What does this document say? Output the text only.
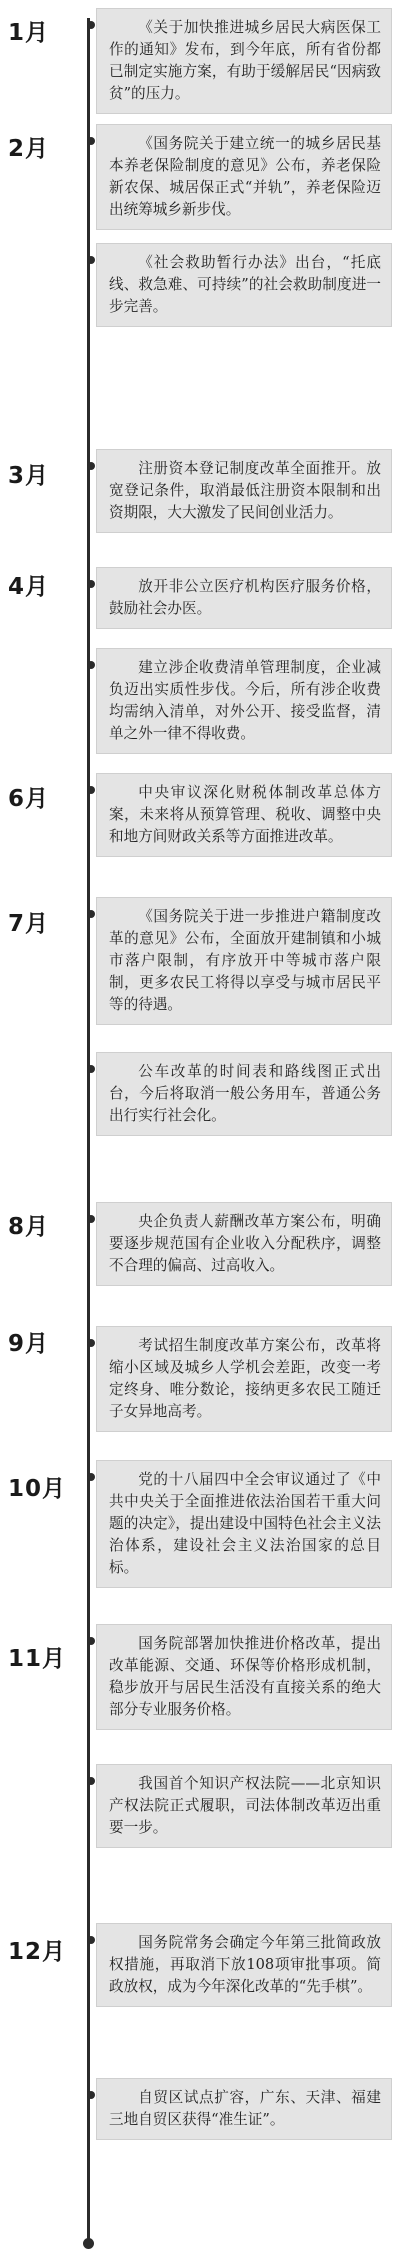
1月
2月
3月
4月
6月
7月
8月
9月
10月
11月
12月

《关于加快推进城乡居民大病医保工作的通知》发布，到今年底，所有省份都已制定实施方案，有助于缓解居民“因病致贫”的压力。

《国务院关于建立统一的城乡居民基本养老保险制度的意见》公布，养老保险新农保、城居保正式“并轨”，养老保险迈出统筹城乡新步伐。

《社会救助暂行办法》出台，“托底线、救急难、可持续”的社会救助制度进一步完善。

注册资本登记制度改革全面推开。放宽登记条件，取消最低注册资本限制和出资期限，大大激发了民间创业活力。

放开非公立医疗机构医疗服务价格，鼓励社会办医。

建立涉企收费清单管理制度，企业减负迈出实质性步伐。今后，所有涉企收费均需纳入清单，对外公开、接受监督，清单之外一律不得收费。

中央审议深化财税体制改革总体方案，未来将从预算管理、税收、调整中央和地方间财政关系等方面推进改革。

《国务院关于进一步推进户籍制度改革的意见》公布，全面放开建制镇和小城市落户限制，有序放开中等城市落户限制，更多农民工将得以享受与城市居民平等的待遇。

公车改革的时间表和路线图正式出台，今后将取消一般公务用车，普通公务出行实行社会化。

央企负责人薪酬改革方案公布，明确要逐步规范国有企业收入分配秩序，调整不合理的偏高、过高收入。

考试招生制度改革方案公布，改革将缩小区域及城乡人学机会差距，改变一考定终身、唯分数论，接纳更多农民工随迁子女异地高考。

党的十八届四中全会审议通过了《中共中央关于全面推进依法治国若干重大问题的决定》，提出建设中国特色社会主义法治体系，建设社会主义法治国家的总目标。

国务院部署加快推进价格改革，提出改革能源、交通、环保等价格形成机制，稳步放开与居民生活没有直接关系的绝大部分专业服务价格。

我国首个知识产权法院——北京知识产权法院正式履职，司法体制改革迈出重要一步。

国务院常务会确定今年第三批简政放权措施，再取消下放108项审批事项。简政放权，成为今年深化改革的“先手棋”。

自贸区试点扩容，广东、天津、福建三地自贸区获得“准生证”。
